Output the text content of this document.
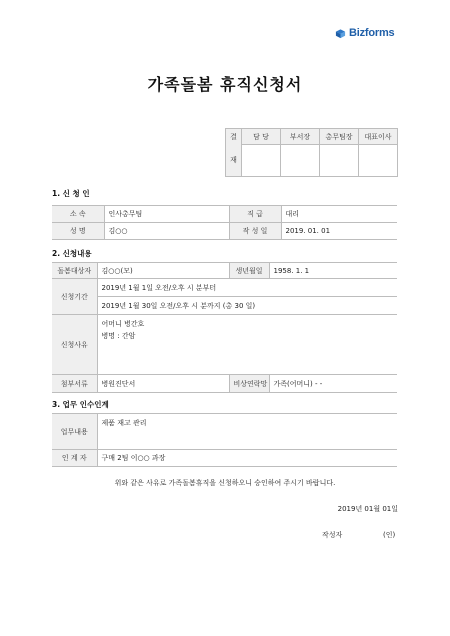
Bizforms
가족돌봄 휴직신청서
결	담 당	부서장	총무팀장	대표이사
재				
1. 신 청 인
소 속	인사총무팀	직 급	대리
성 명	김○○	작 성 일	2019. 01. 01
2. 신청내용
돌봄대상자	김○○(모)	생년월일	1958. 1. 1
신청기간	2019년 1월 1일 오전/오후 시 분부터		
	2019년 1월 30일 오전/오후 시 분까지 (총 30 일)		
신청사유	어머니 병간호
병명 : 간암		

첨부서류	병원진단서	비상연락망	가족(어머니) - -
3. 업무 인수인계
업무내용	제품 재고 관리
인 계 자	구매 2팀 이○○ 과장
위와 같은 사유로 가족돌봄휴직을 신청하오니 승인하여 주시기 바랍니다.
2019년 01월 01일
작성자	(인)
